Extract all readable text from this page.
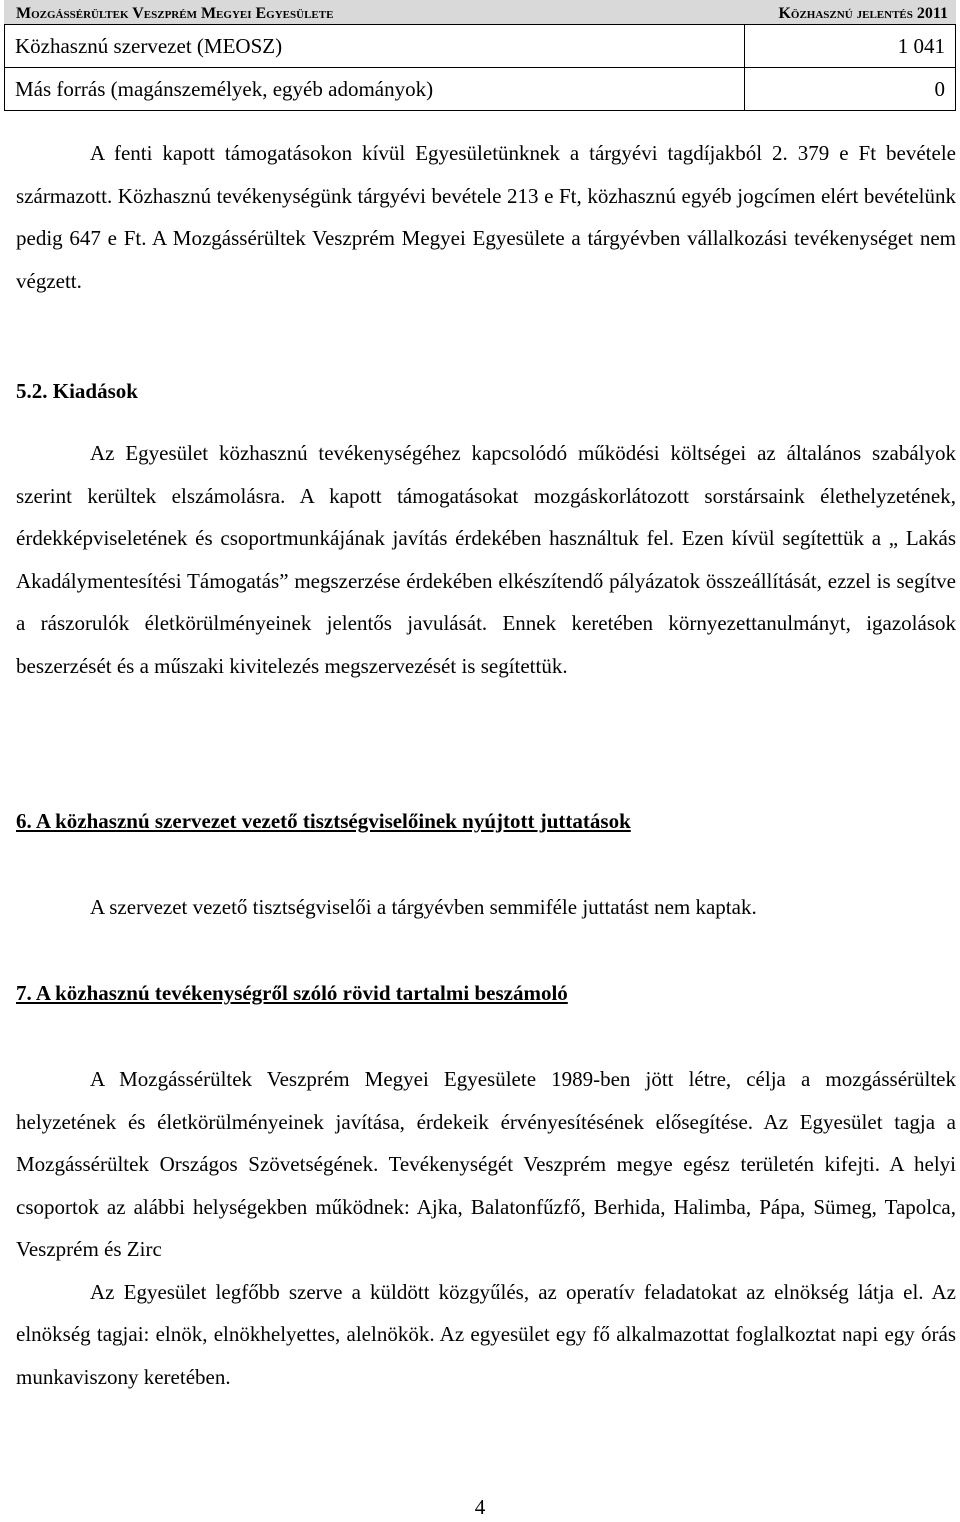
Mozgássérültek Veszprém Megyei Egyesülete	Közhasznú jelentés 2011
Közhasznú szervezet (MEOSZ)	1 041
Más forrás (magánszemélyek, egyéb adományok)	0

A fenti kapott támogatásokon kívül Egyesületünknek a tárgyévi tagdíjakból 2. 379 e Ft bevétele származott. Közhasznú tevékenységünk tárgyévi bevétele 213 e Ft, közhasznú egyéb jogcímen elért bevételünk pedig 647 e Ft. A Mozgássérültek Veszprém Megyei Egyesülete a tárgyévben vállalkozási tevékenységet nem végzett.

5.2. Kiadások

Az Egyesület közhasznú tevékenységéhez kapcsolódó működési költségei az általános szabályok szerint kerültek elszámolásra. A kapott támogatásokat mozgáskorlátozott sorstársaink élethelyzetének, érdekképviseletének és csoportmunkájának javítás érdekében használtuk fel. Ezen kívül segítettük a „ Lakás Akadálymentesítési Támogatás” megszerzése érdekében elkészítendő pályázatok összeállítását, ezzel is segítve a rászorulók életkörülményeinek jelentős javulását. Ennek keretében környezettanulmányt, igazolások beszerzését és a műszaki kivitelezés megszervezését is segítettük.

6. A közhasznú szervezet vezető tisztségviselőinek nyújtott juttatások
A szervezet vezető tisztségviselői a tárgyévben semmiféle juttatást nem kaptak.
7. A közhasznú tevékenységről szóló rövid tartalmi beszámoló

A Mozgássérültek Veszprém Megyei Egyesülete 1989-ben jött létre, célja a mozgássérültek helyzetének és életkörülményeinek javítása, érdekeik érvényesítésének elősegítése. Az Egyesület tagja a Mozgássérültek Országos Szövetségének. Tevékenységét Veszprém megye egész területén kifejti. A helyi csoportok az alábbi helységekben működnek: Ajka, Balatonfűzfő, Berhida, Halimba, Pápa, Sümeg, Tapolca, Veszprém és Zirc

Az Egyesület legfőbb szerve a küldött közgyűlés, az operatív feladatokat az elnökség látja el. Az elnökség tagjai: elnök, elnökhelyettes, alelnökök. Az egyesület egy fő alkalmazottat foglalkoztat napi egy órás munkaviszony keretében.

4
